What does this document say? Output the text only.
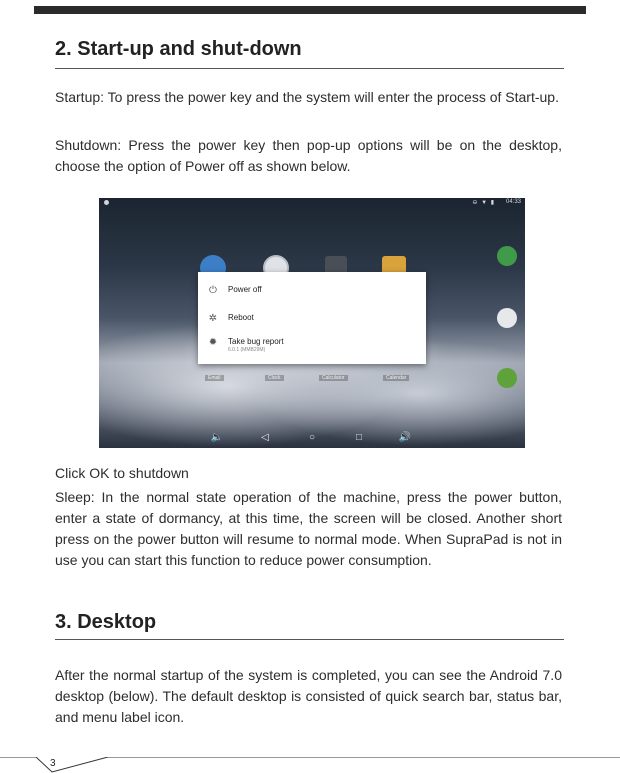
2. Start-up and shut-down

Startup: To press the power key and the system will enter the process of Start-up.

Shutdown: Press the power key then pop-up options will be on the desktop, choose the option of Power off as shown below.

⊖ ▼ ▮ 04:33
Email	Clock	Calculator	Calendar
⏻ Power off
✲ Reboot
✹ Take bug report
6.0.1 (MMB29M)
🔈	◁	○	□	🔊

Click OK to shutdown

Sleep: In the normal state operation of the machine, press the power button, enter a state of dormancy, at this time, the screen will be closed. Another short press on the power button will resume to normal mode. When SupraPad is not in use you can start this function to reduce power consumption.

3. Desktop

After the normal startup of the system is completed, you can see the Android 7.0 desktop (below). The default desktop is consisted of quick search bar, status bar, and menu label icon.

3
